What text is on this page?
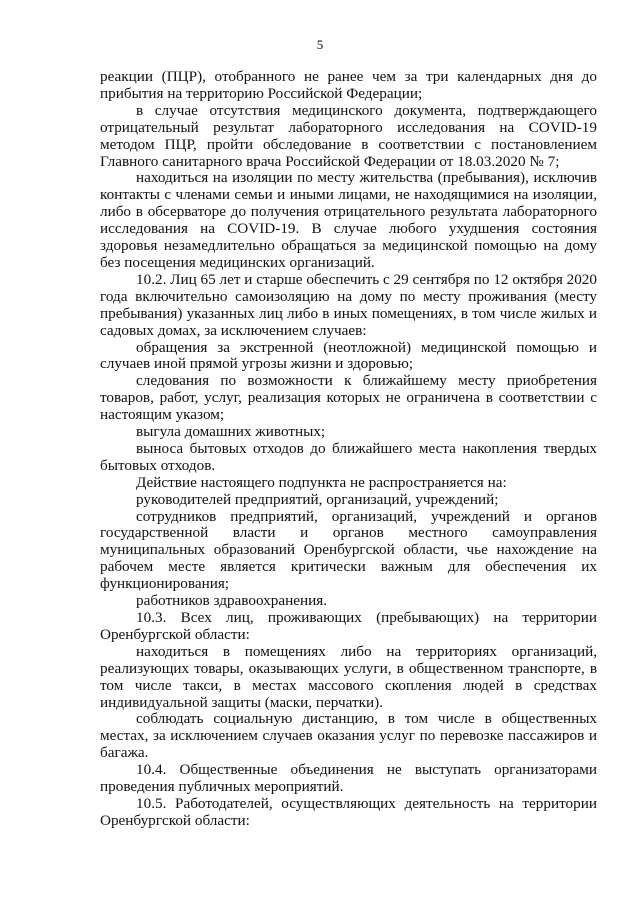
5

реакции (ПЦР), отобранного не ранее чем за три календарных дня до прибытия на территорию Российской Федерации;

в случае отсутствия медицинского документа, подтверждающего отрицательный результат лабораторного исследования на COVID-19 методом ПЦР, пройти обследование в соответствии с постановлением Главного санитарного врача Российской Федерации от 18.03.2020 № 7;

находиться на изоляции по месту жительства (пребывания), исключив контакты с членами семьи и иными лицами, не находящимися на изоляции, либо в обсерваторе до получения отрицательного результата лабораторного исследования на COVID-19. В случае любого ухудшения состояния здоровья незамедлительно обращаться за медицинской помощью на дому без посещения медицинских организаций.

10.2. Лиц 65 лет и старше обеспечить с 29 сентября по 12 октября 2020 года включительно самоизоляцию на дому по месту проживания (месту пребывания) указанных лиц либо в иных помещениях, в том числе жилых и садовых домах, за исключением случаев:

обращения за экстренной (неотложной) медицинской помощью и случаев иной прямой угрозы жизни и здоровью;

следования по возможности к ближайшему месту приобретения товаров, работ, услуг, реализация которых не ограничена в соответствии с настоящим указом;

выгула домашних животных;

выноса бытовых отходов до ближайшего места накопления твердых бытовых отходов.

Действие настоящего подпункта не распространяется на:

руководителей предприятий, организаций, учреждений;

сотрудников предприятий, организаций, учреждений и органов государственной власти и органов местного самоуправления муниципальных образований Оренбургской области, чье нахождение на рабочем месте является критически важным для обеспечения их функционирования;

работников здравоохранения.

10.3. Всех лиц, проживающих (пребывающих) на территории Оренбургской области:

находиться в помещениях либо на территориях организаций, реализующих товары, оказывающих услуги, в общественном транспорте, в том числе такси, в местах массового скопления людей в средствах индивидуальной защиты (маски, перчатки).

соблюдать социальную дистанцию, в том числе в общественных местах, за исключением случаев оказания услуг по перевозке пассажиров и багажа.

10.4. Общественные объединения не выступать организаторами проведения публичных мероприятий.

10.5. Работодателей, осуществляющих деятельность на территории Оренбургской области:
